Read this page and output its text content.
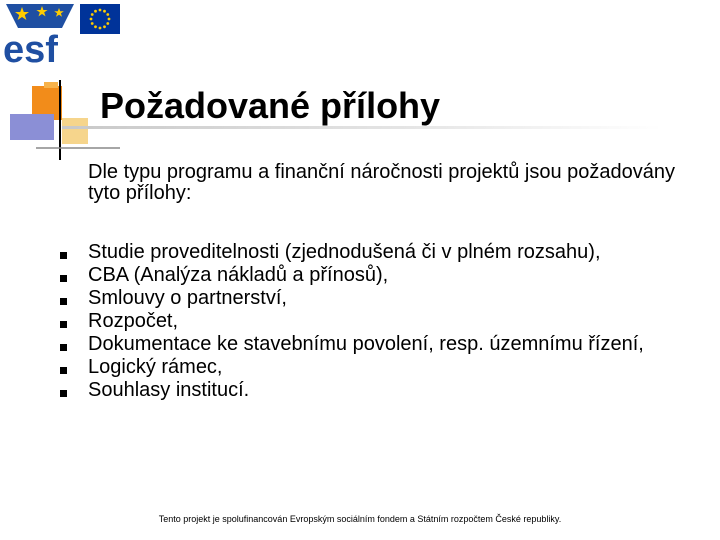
esf
Požadované přílohy

Dle typu programu a finanční náročnosti projektů jsou požadovány tyto přílohy:

Studie proveditelnosti (zjednodušená či v plném rozsahu),
CBA (Analýza nákladů a přínosů),
Smlouvy o partnerství,
Rozpočet,
Dokumentace ke stavebnímu povolení, resp. územnímu řízení,
Logický rámec,
Souhlasy institucí.
Tento projekt je spolufinancován Evropským sociálním fondem a Státním rozpočtem České republiky.
